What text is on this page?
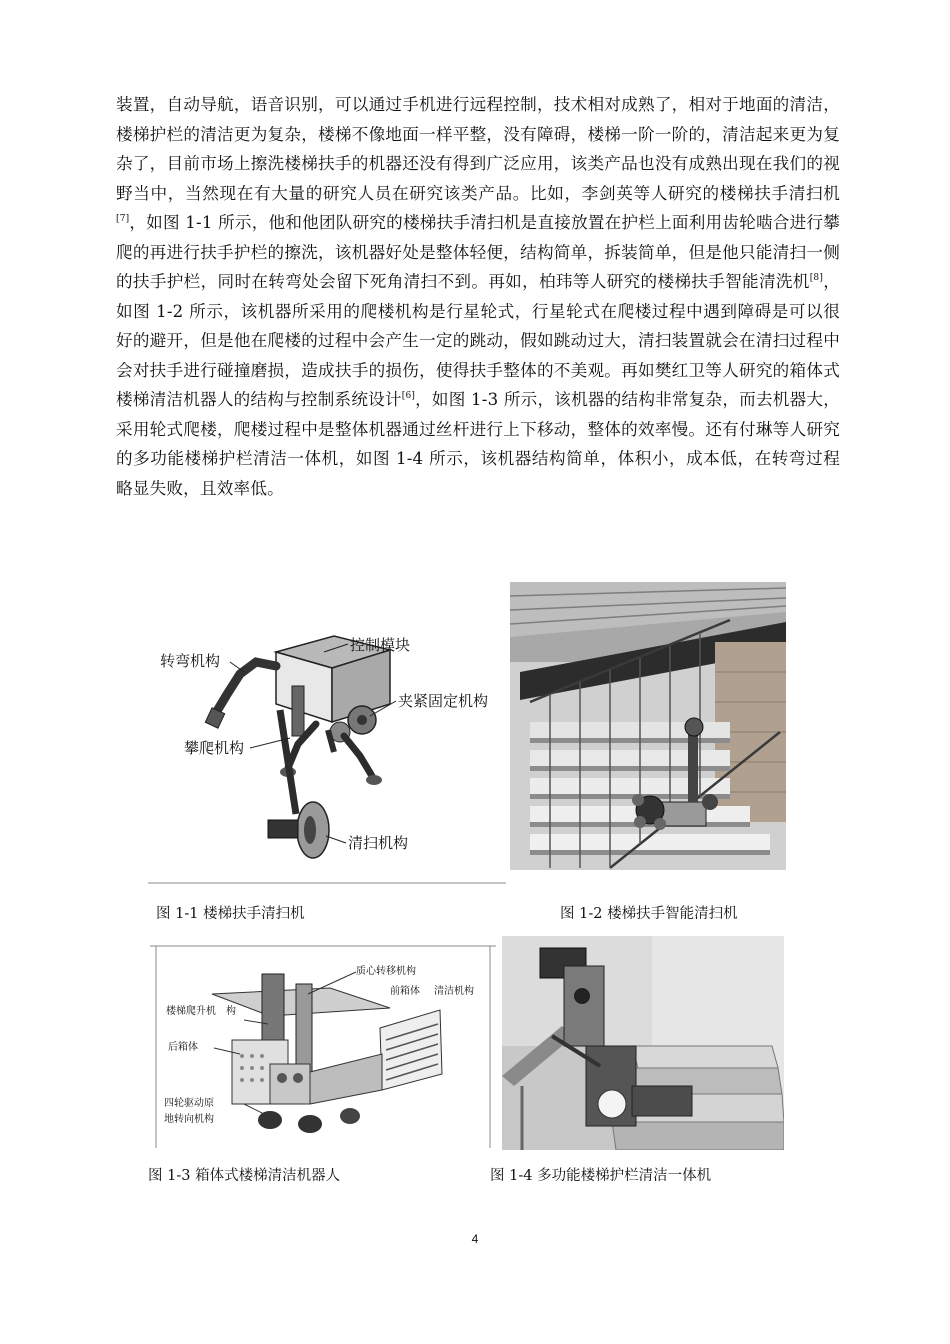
装置，自动导航，语音识别，可以通过手机进行远程控制，技术相对成熟了，相对于地面的清洁，楼梯护栏的清洁更为复杂，楼梯不像地面一样平整，没有障碍，楼梯一阶一阶的，清洁起来更为复杂了，目前市场上擦洗楼梯扶手的机器还没有得到广泛应用，该类产品也没有成熟出现在我们的视野当中，当然现在有大量的研究人员在研究该类产品。比如，李剑英等人研究的楼梯扶手清扫机[7]，如图 1-1 所示，他和他团队研究的楼梯扶手清扫机是直接放置在护栏上面利用齿轮啮合进行攀爬的再进行扶手护栏的擦洗，该机器好处是整体轻便，结构简单，拆装简单，但是他只能清扫一侧的扶手护栏，同时在转弯处会留下死角清扫不到。再如，柏玮等人研究的楼梯扶手智能清洗机[8]，如图 1-2 所示，该机器所采用的爬楼机构是行星轮式，行星轮式在爬楼过程中遇到障碍是可以很好的避开，但是他在爬楼的过程中会产生一定的跳动，假如跳动过大，清扫装置就会在清扫过程中会对扶手进行碰撞磨损，造成扶手的损伤，使得扶手整体的不美观。再如樊红卫等人研究的箱体式楼梯清洁机器人的结构与控制系统设计[6]，如图 1-3 所示，该机器的结构非常复杂，而去机器大，采用轮式爬楼，爬楼过程中是整体机器通过丝杆进行上下移动，整体的效率慢。还有付琳等人研究的多功能楼梯护栏清洁一体机，如图 1-4 所示，该机器结构简单，体积小，成本低，在转弯过程略显失败，且效率低。

转弯机构
控制模块
夹紧固定机构
攀爬机构
清扫机构
图 1-1 楼梯扶手清扫机	图 1-2 楼梯扶手智能清扫机
质心转移机构
前箱体 清洁机构
楼梯爬升机 构
后箱体
四轮驱动原
地转向机构
图 1-3 箱体式楼梯清洁机器人	图 1-4 多功能楼梯护栏清洁一体机
4
